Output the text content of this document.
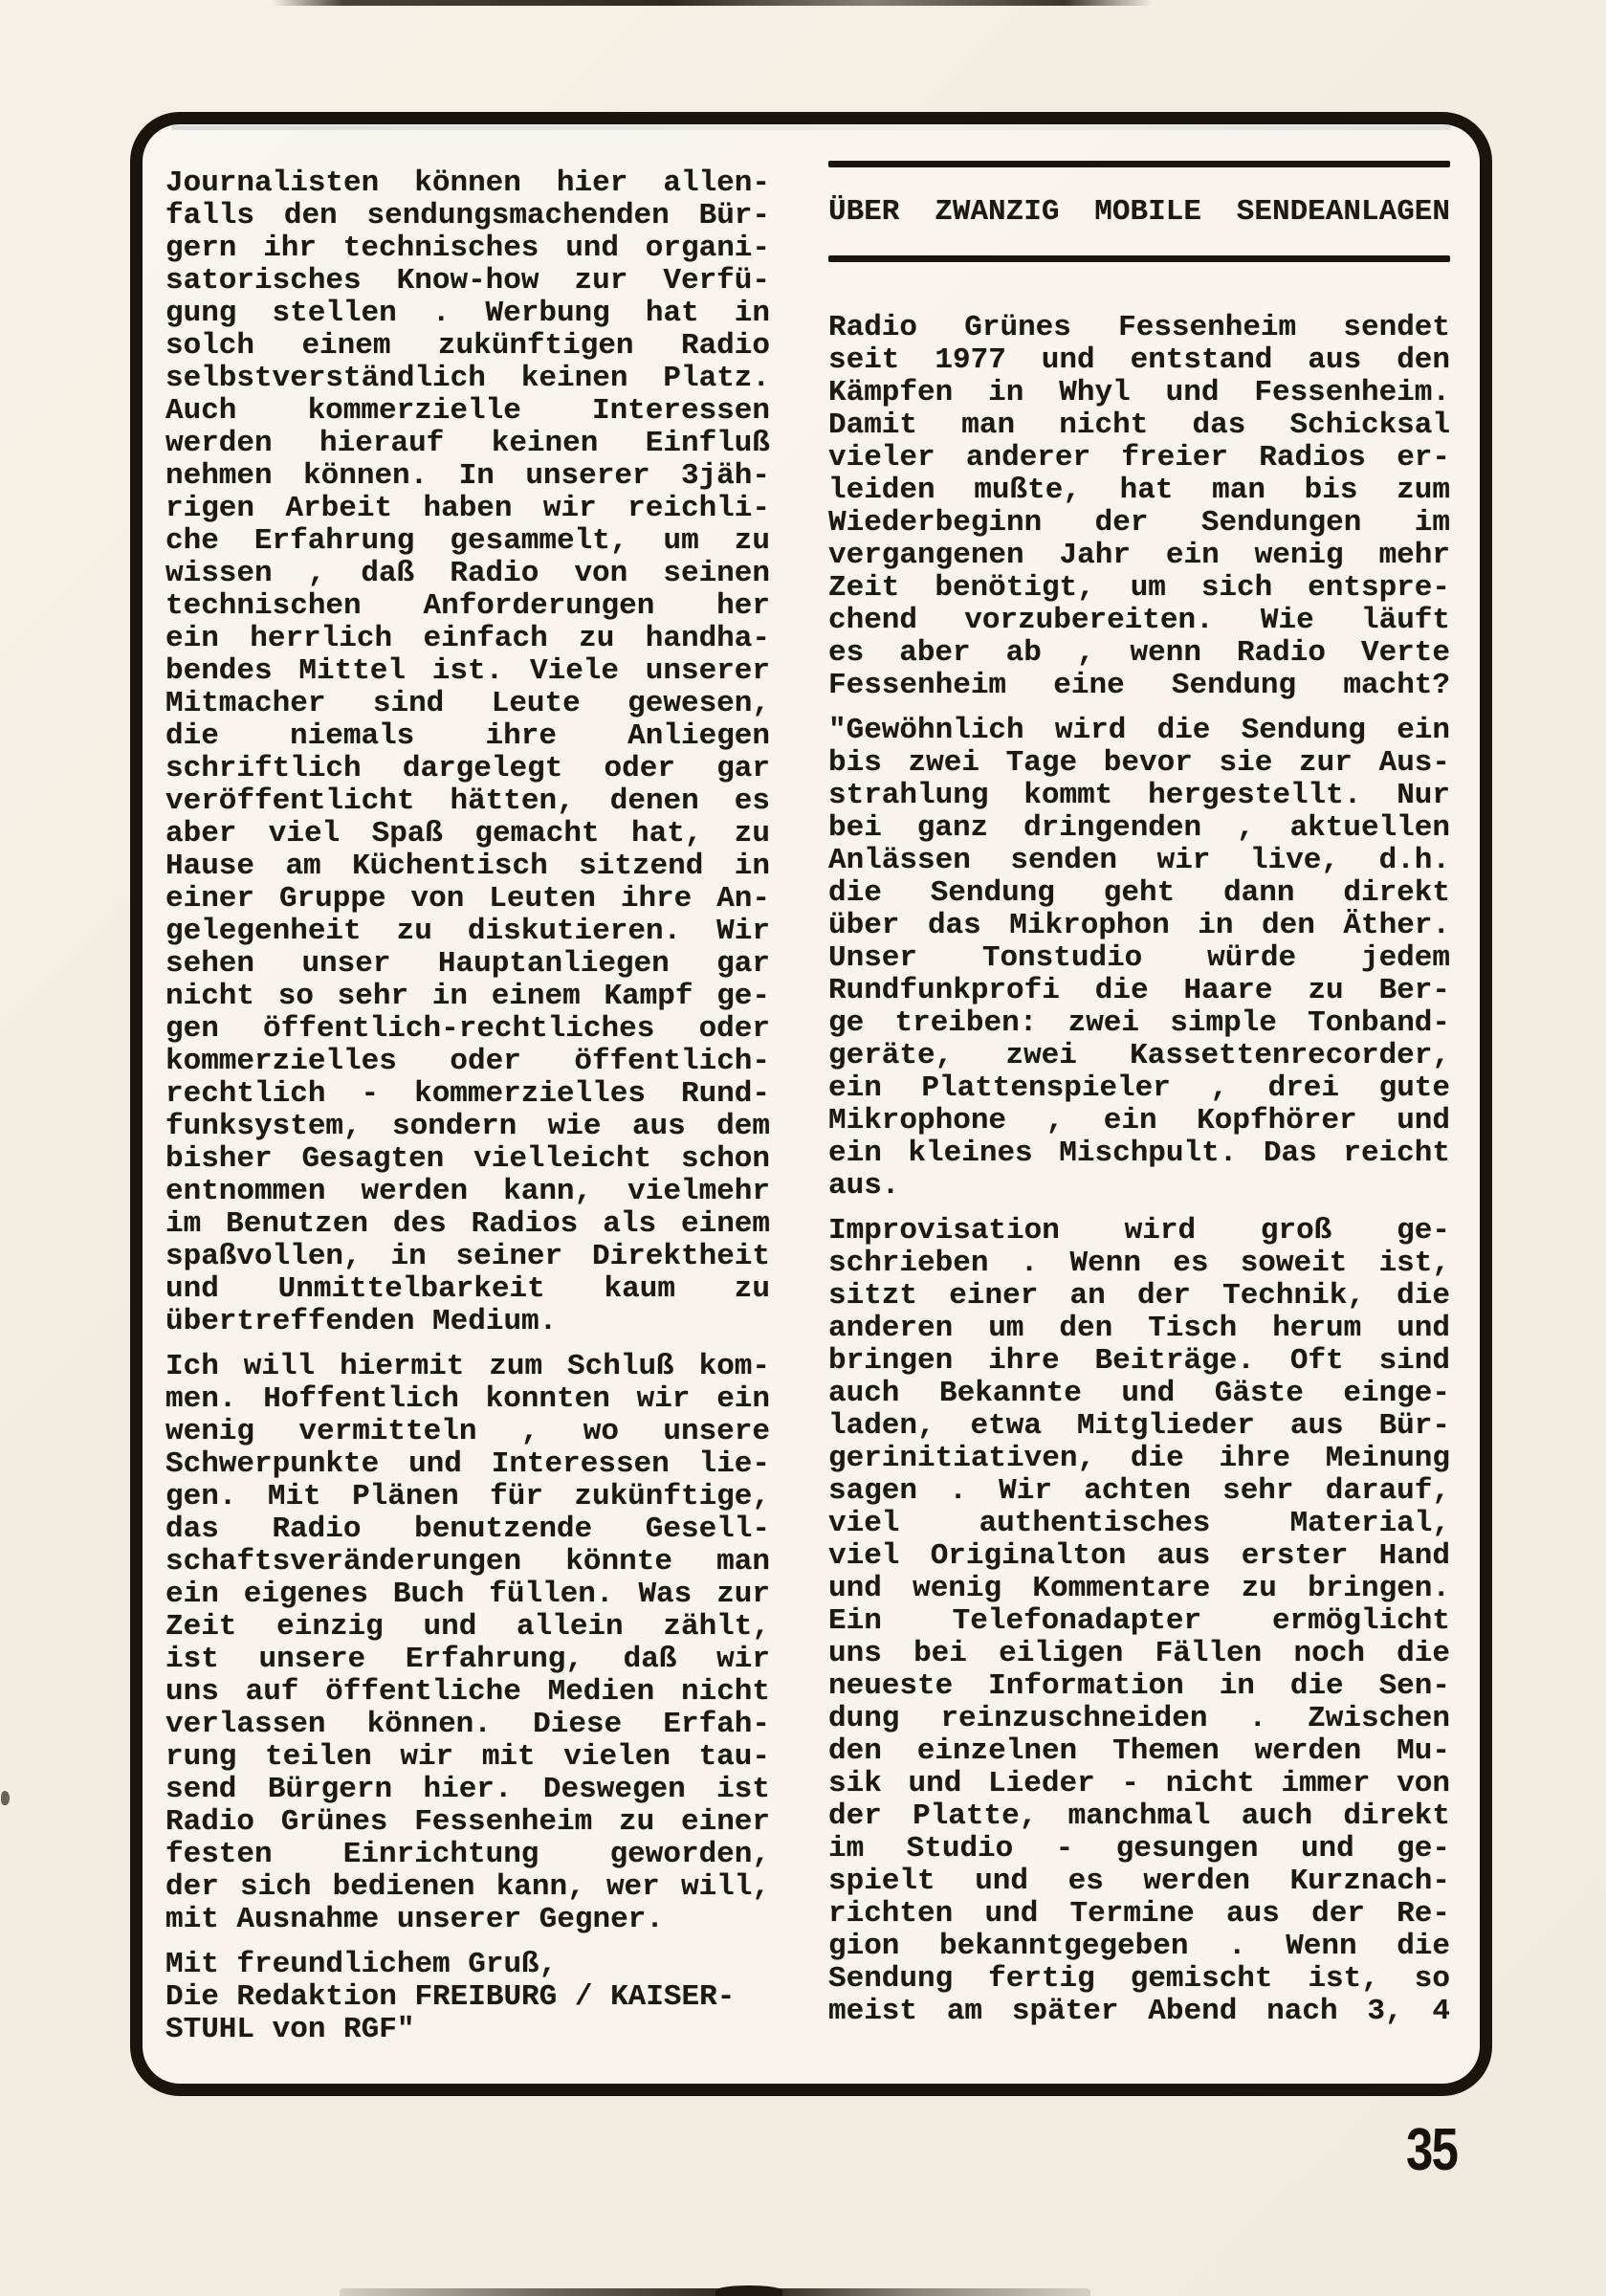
Journalisten können hier allen-
falls den sendungsmachenden Bür-
gern ihr technisches und organi-
satorisches Know-how zur Verfü-
gung stellen . Werbung hat in
solch einem zukünftigen Radio
selbstverständlich keinen Platz.
Auch kommerzielle Interessen
werden hierauf keinen Einfluß
nehmen können. In unserer 3jäh-
rigen Arbeit haben wir reichli-
che Erfahrung gesammelt, um zu
wissen , daß Radio von seinen
technischen Anforderungen her
ein herrlich einfach zu handha-
bendes Mittel ist. Viele unserer
Mitmacher sind Leute gewesen,
die niemals ihre Anliegen
schriftlich dargelegt oder gar
veröffentlicht hätten, denen es
aber viel Spaß gemacht hat, zu
Hause am Küchentisch sitzend in
einer Gruppe von Leuten ihre An-
gelegenheit zu diskutieren. Wir
sehen unser Hauptanliegen gar
nicht so sehr in einem Kampf ge-
gen öffentlich-rechtliches oder
kommerzielles oder öffentlich-
rechtlich - kommerzielles Rund-
funksystem, sondern wie aus dem
bisher Gesagten vielleicht schon
entnommen werden kann, vielmehr
im Benutzen des Radios als einem
spaßvollen, in seiner Direktheit
und Unmittelbarkeit kaum zu
übertreffenden Medium.
Ich will hiermit zum Schluß kom-
men. Hoffentlich konnten wir ein
wenig vermitteln , wo unsere
Schwerpunkte und Interessen lie-
gen. Mit Plänen für zukünftige,
das Radio benutzende Gesell-
schaftsveränderungen könnte man
ein eigenes Buch füllen. Was zur
Zeit einzig und allein zählt,
ist unsere Erfahrung, daß wir
uns auf öffentliche Medien nicht
verlassen können. Diese Erfah-
rung teilen wir mit vielen tau-
send Bürgern hier. Deswegen ist
Radio Grünes Fessenheim zu einer
festen Einrichtung geworden,
der sich bedienen kann, wer will,
mit Ausnahme unserer Gegner.
Mit freundlichem Gruß,
Die Redaktion FREIBURG / KAISER-
STUHL von RGF"
ÜBER ZWANZIG MOBILE SENDEANLAGEN
Radio Grünes Fessenheim sendet
seit 1977 und entstand aus den
Kämpfen in Whyl und Fessenheim.
Damit man nicht das Schicksal
vieler anderer freier Radios er-
leiden mußte, hat man bis zum
Wiederbeginn der Sendungen im
vergangenen Jahr ein wenig mehr
Zeit benötigt, um sich entspre-
chend vorzubereiten. Wie läuft
es aber ab , wenn Radio Verte
Fessenheim eine Sendung macht?
"Gewöhnlich wird die Sendung ein
bis zwei Tage bevor sie zur Aus-
strahlung kommt hergestellt. Nur
bei ganz dringenden , aktuellen
Anlässen senden wir live, d.h.
die Sendung geht dann direkt
über das Mikrophon in den Äther.
Unser Tonstudio würde jedem
Rundfunkprofi die Haare zu Ber-
ge treiben: zwei simple Tonband-
geräte, zwei Kassettenrecorder,
ein Plattenspieler , drei gute
Mikrophone , ein Kopfhörer und
ein kleines Mischpult. Das reicht
aus.
Improvisation wird groß ge-
schrieben . Wenn es soweit ist,
sitzt einer an der Technik, die
anderen um den Tisch herum und
bringen ihre Beiträge. Oft sind
auch Bekannte und Gäste einge-
laden, etwa Mitglieder aus Bür-
gerinitiativen, die ihre Meinung
sagen . Wir achten sehr darauf,
viel authentisches Material,
viel Originalton aus erster Hand
und wenig Kommentare zu bringen.
Ein Telefonadapter ermöglicht
uns bei eiligen Fällen noch die
neueste Information in die Sen-
dung reinzuschneiden . Zwischen
den einzelnen Themen werden Mu-
sik und Lieder - nicht immer von
der Platte, manchmal auch direkt
im Studio - gesungen und ge-
spielt und es werden Kurznach-
richten und Termine aus der Re-
gion bekanntgegeben . Wenn die
Sendung fertig gemischt ist, so
meist am später Abend nach 3, 4
35
